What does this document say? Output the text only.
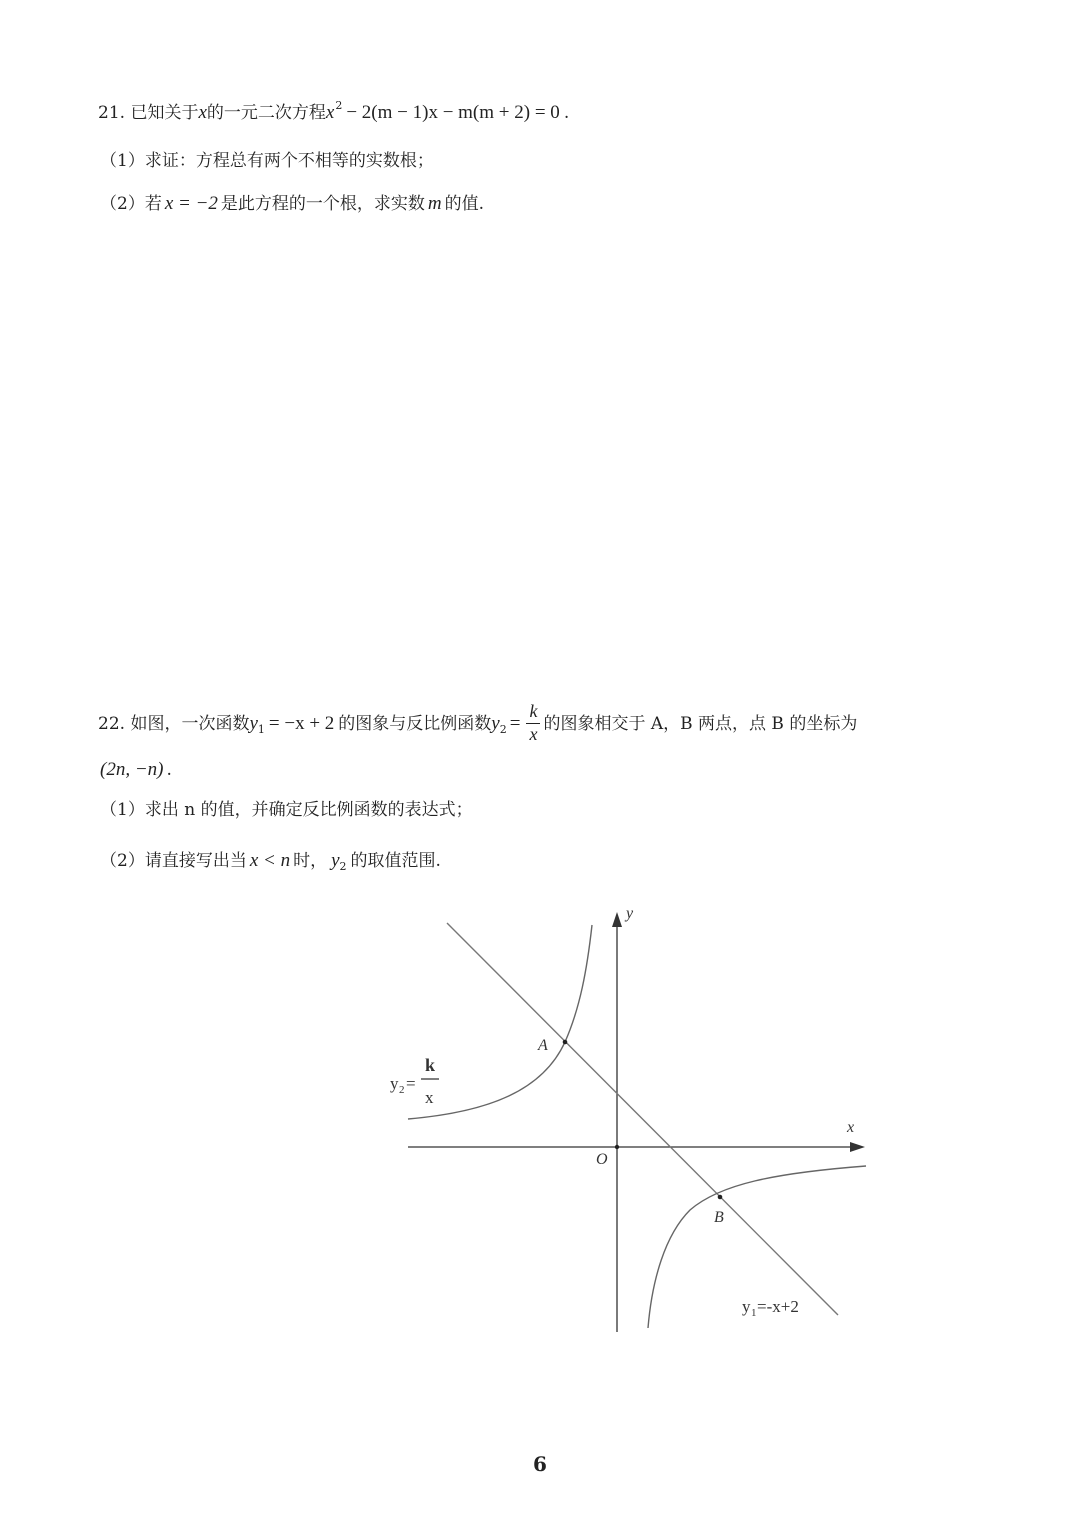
21. 已知关于x的一元二次方程$x^2 - 2(m - 1)x - m(m + 2) = 0$ .
（1）求证：方程总有两个不相等的实数根；
（2）若 x = −2 是此方程的一个根，求实数 m 的值.
22. 如图，一次函数$y_1 = -x + 2$ 的图象与反比例函数$y_2 = \frac{k}{x}$ 的图象相交于 A，B 两点，点 B 的坐标为
(2n, −n) .
（1）求出 n 的值，并确定反比例函数的表达式；
（2）请直接写出当 x < n 时， $y_2$ 的取值范围.
y
x
O
A
B
y 2 =
k
x
y 1 =-x+2
6
